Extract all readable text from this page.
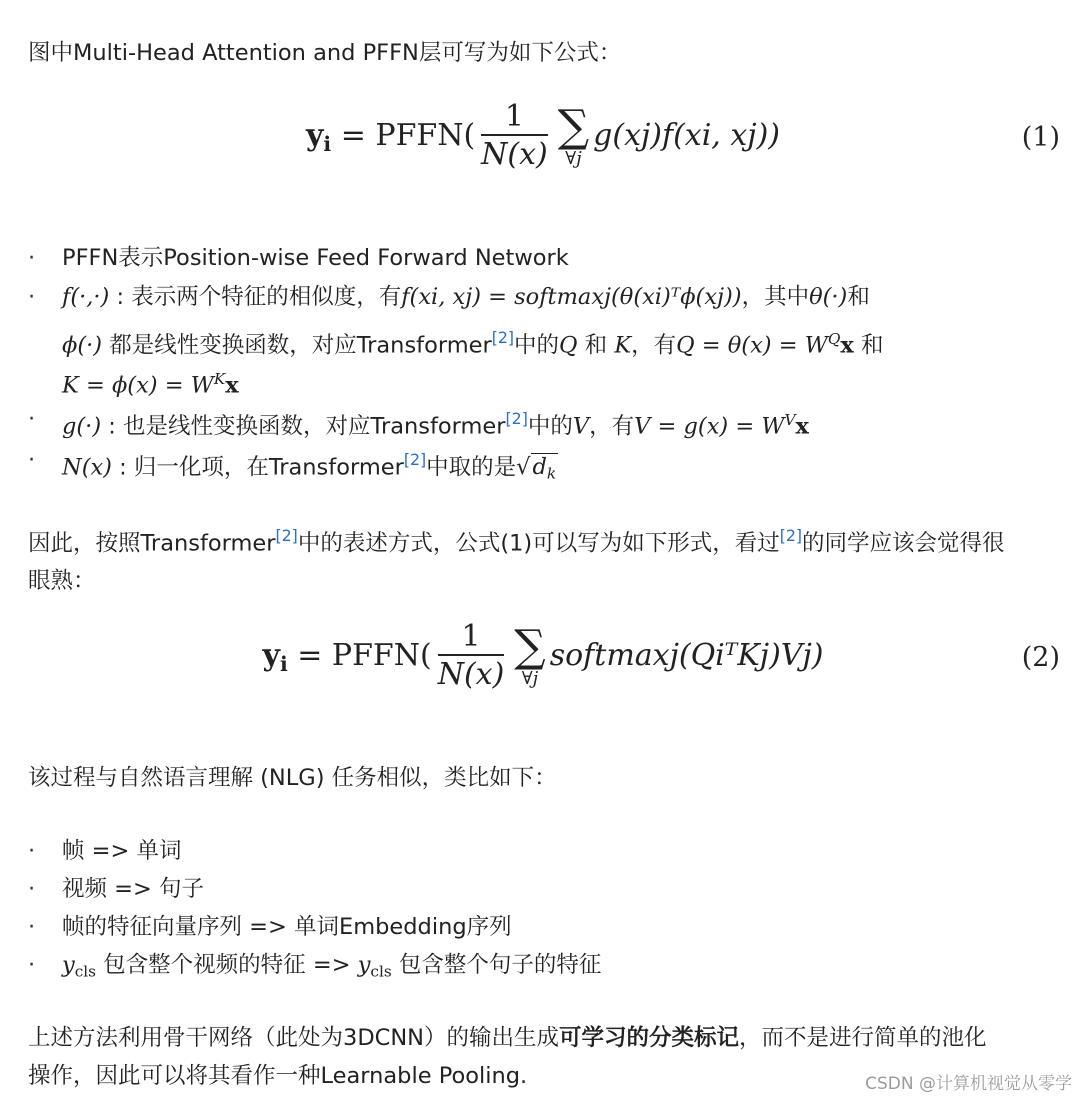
图中Multi-Head Attention and PFFN层可写为如下公式：
$y_i$ = PFFN( $\frac{1}{N(x)}$ ∑
∀j
g(xj)f(xi, xj))	(1)
·	PFFN表示Position-wise Feed Forward Network
·	f(·,·) : 表示两个特征的相似度，有f(xi, xj) = softmaxj(θ(xi)ᵀϕ(xj))，其中θ(·)和
ϕ(·) 都是线性变换函数，对应Transformer[2]中的Q 和 K，有$Q = \theta(x) = W^Qx$ 和
$K = \phi(x) = W^Kx$
·	g(·) : 也是线性变换函数，对应Transformer[2]中的V，有$V = g(x) = W^Vx$
·	N(x) : 归一化项，在Transformer[2]中取的是$√d_k$
因此，按照Transformer[2]中的表述方式，公式(1)可以写为如下形式，看过[2]的同学应该会觉得很
眼熟：
$y_i$ = PFFN( $\frac{1}{N(x)}$ ∑
∀j
softmaxj(QiᵀKj)Vj)	(2)
该过程与自然语言理解 (NLG) 任务相似，类比如下：
·	帧 => 单词
·	视频 => 句子
·	帧的特征向量序列 => 单词Embedding序列
·	$y_{cls}$ 包含整个视频的特征 => $y_{cls}$ 包含整个句子的特征
上述方法利用骨干网络（此处为3DCNN）的输出生成可学习的分类标记，而不是进行简单的池化
操作，因此可以将其看作一种Learnable Pooling.	CSDN @计算机视觉从零学
